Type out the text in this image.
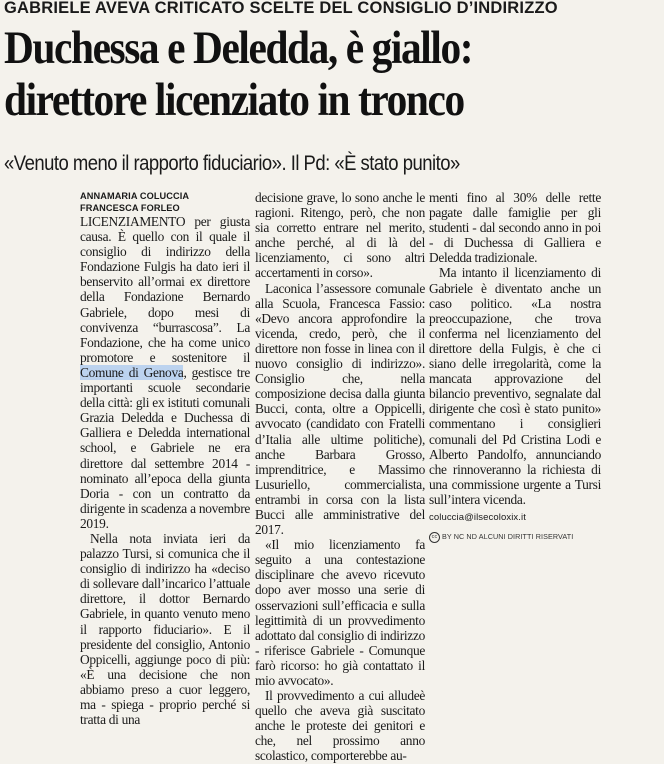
GABRIELE AVEVA CRITICATO SCELTE DEL CONSIGLIO D’INDIRIZZO
Duchessa e Deledda, è giallo:
direttore licenziato in tronco
«Venuto meno il rapporto fiduciario». Il Pd: «È stato punito»
ANNAMARIA COLUCCIA
FRANCESCA FORLEO

LICENZIAMENTO per giusta causa. È quello con il quale il consiglio di indirizzo della Fondazione Fulgis ha dato ieri il benservito all’ormai ex direttore della Fondazione Bernardo Gabriele, dopo mesi di convivenza “burrascosa”. La Fondazione, che ha come unico promotore e sostenitore il Comune di Genova, gestisce tre importanti scuole secondarie della città: gli ex istituti comunali Grazia Deledda e Duchessa di Galliera e Deledda international school, e Gabriele ne era direttore dal settembre 2014 - nominato all’epoca della giunta Doria - con un contratto da dirigente in scadenza a novembre 2019.

Nella nota inviata ieri da palazzo Tursi, si comunica che il consiglio di indirizzo ha «deciso di sollevare dall’incarico l’attuale direttore, il dottor Bernardo Gabriele, in quanto venuto meno il rapporto fiduciario». E il presidente del consiglio, Antonio Oppicelli, aggiunge poco di più: «È una decisione che non abbiamo preso a cuor leggero, ma - spiega - proprio perché si tratta di una

decisione grave, lo sono anche le ragioni. Ritengo, però, che non sia corretto entrare nel merito, anche perché, al di là del licenziamento, ci sono altri accertamenti in corso».

Laconica l’assessore comunale alla Scuola, Francesca Fassio: «Devo ancora approfondire la vicenda, credo, però, che il direttore non fosse in linea con il nuovo consiglio di indirizzo». Consiglio che, nella composizione decisa dalla giunta Bucci, conta, oltre a Oppicelli, avvocato (candidato con Fratelli d’Italia alle ultime politiche), anche Barbara Grosso, imprenditrice, e Massimo Lusuriello, commercialista, entrambi in corsa con la lista Bucci alle amministrative del 2017.

«Il mio licenziamento fa seguito a una contestazione disciplinare che avevo ricevuto dopo aver mosso una serie di osservazioni sull’efficacia e sulla legittimità di un provvedimento adottato dal consiglio di indirizzo - riferisce Gabriele - Comunque farò ricorso: ho già contattato il mio avvocato».

Il provvedimento a cui alludeè quello che aveva già suscitato anche le proteste dei genitori e che, nel prossimo anno scolastico, comporterebbe au-

menti fino al 30% delle rette pagate dalle famiglie per gli studenti - dal secondo anno in poi - di Duchessa di Galliera e Deledda tradizionale.

Ma intanto il licenziamento di Gabriele è diventato anche un caso politico. «La nostra preoccupazione, che trova conferma nel licenziamento del direttore della Fulgis, è che ci siano delle irregolarità, come la mancata approvazione del bilancio preventivo, segnalate dal dirigente che così è stato punito» commentano i consiglieri comunali del Pd Cristina Lodi e Alberto Pandolfo, annunciando che rinnoveranno la richiesta di una commissione urgente a Tursi sull’intera vicenda.

coluccia@ilsecoloxix.it
cc BY NC ND ALCUNI DIRITTI RISERVATI
